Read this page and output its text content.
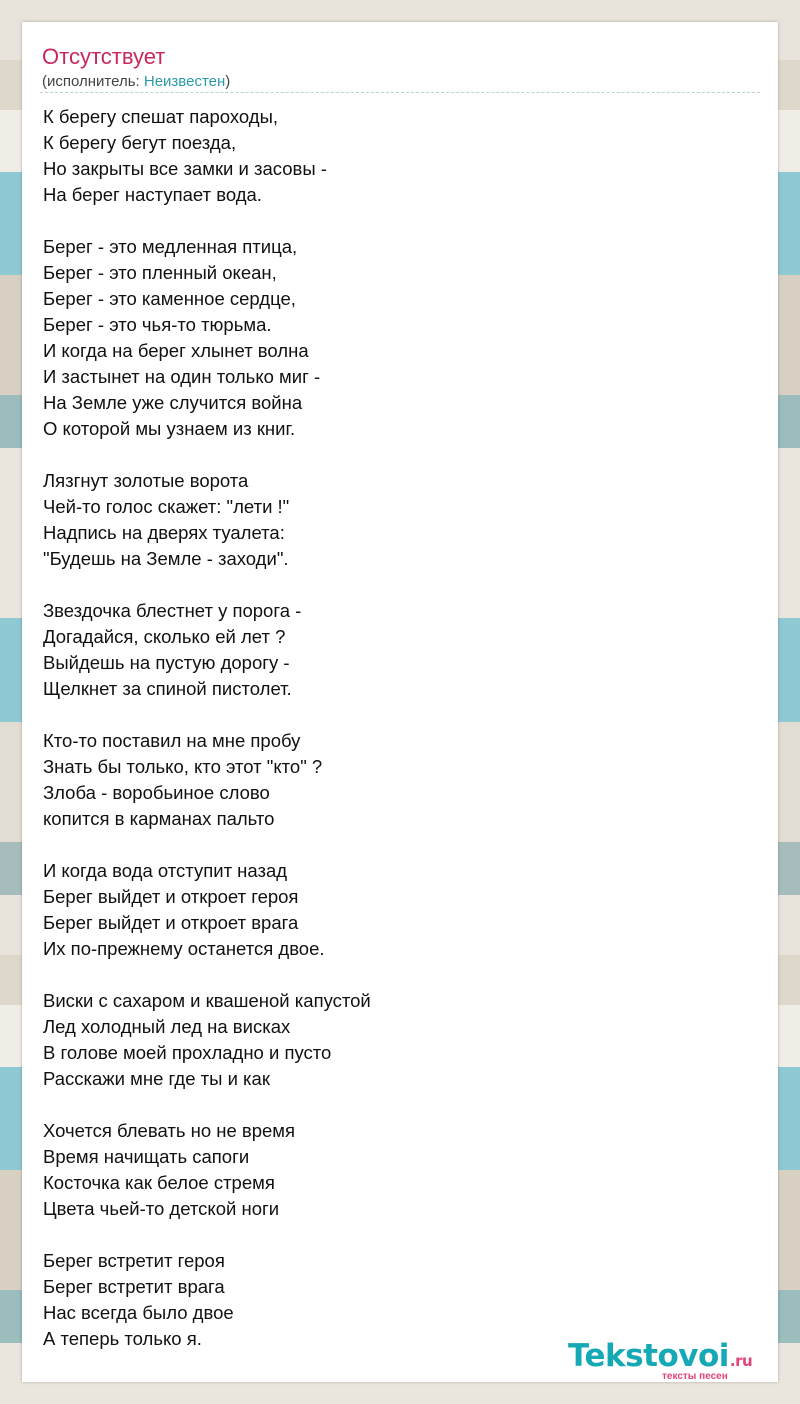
Отсутствует
(исполнитель: Неизвестен)
К берегу спешат пароходы,
К берегу бегут поезда,
Но закрыты все замки и засовы -
На берег наступает вода.
Берег - это медленная птица,
Берег - это пленный океан,
Берег - это каменное сердце,
Берег - это чья-то тюрьма.
И когда на берег хлынет волна
И застынет на один только миг -
На Земле уже случится война
О которой мы узнаем из книг.
Лязгнут золотые ворота
Чей-то голос скажет: "лети !"
Надпись на дверях туалета:
"Будешь на Земле - заходи".
Звездочка блестнет у порога -
Догадайся, сколько ей лет ?
Выйдешь на пустую дорогу -
Щелкнет за спиной пистолет.
Кто-то поставил на мне пробу
Знать бы только, кто этот "кто" ?
Злоба - воробьиное слово
копится в карманах пальто
И когда вода отступит назад
Берег выйдет и откроет героя
Берег выйдет и откроет врага
Их по-прежнему останется двое.
Виски с сахаром и квашеной капустой
Лед холодный лед на висках
В голове моей прохладно и пусто
Расскажи мне где ты и как
Хочется блевать но не время
Время начищать сапоги
Косточка как белое стремя
Цвета чьей-то детской ноги
Берег встретит героя
Берег встретит врага
Нас всегда было двое
А теперь только я.	Tekstovoi.ru
тексты песен
